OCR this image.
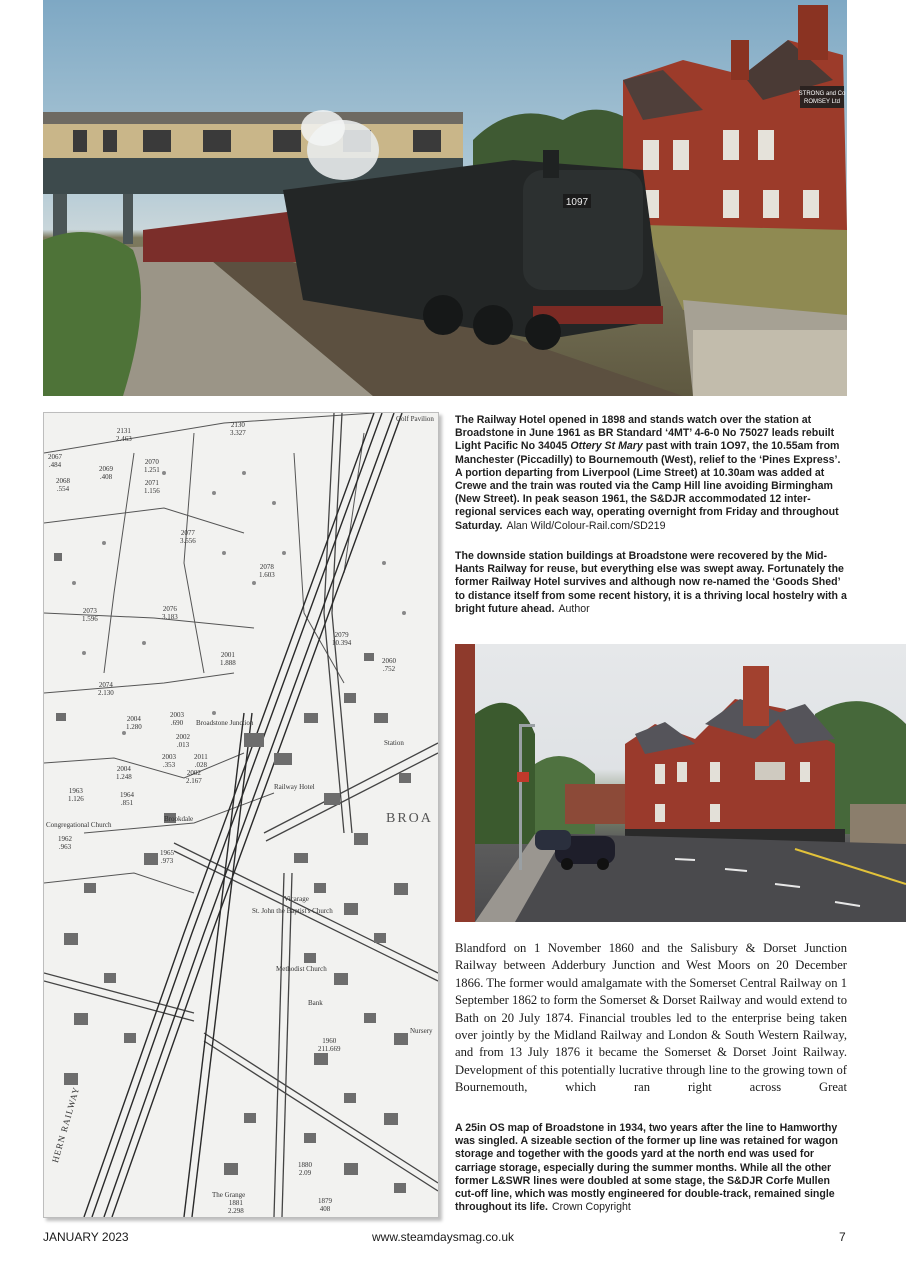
STRONG and Co
ROMSEY Ltd
1097
2131
2.463
2130
3.327
2067
.484	2070
1.251
2069
.408
2071
1.156
2068
.554
2077
3.556
2078
1.603
2073
1.596
2076
3.183
2079
10.394
2001
1.888	2060
.752
2074
2.130
2003
.690
2004
1.280
2002
.013
2003
.353
2011
.028
2004
1.248	2002
2.167
1963
1.126	1964
.851
1962
.963
1965
.973
1960
211.669
1880
2.09
1881
2.298
1879
408
Broadstone Junction
Railway Hotel
Vicarage
St. John the Baptist's Church
Methodist Church
Congregational Church
Brookdale
Bank
Nursery
The Grange
Golf Pavilion
Station
BROA
HERN RAILWAY

The Railway Hotel opened in 1898 and stands watch over the station at Broadstone in June 1961 as BR Standard ‘4MT’ 4-6-0 No 75027 leads rebuilt Light Pacific No 34045 Ottery St Mary past with train 1O97, the 10.55am from Manchester (Piccadilly) to Bournemouth (West), relief to the ‘Pines Express’. A portion departing from Liverpool (Lime Street) at 10.30am was added at Crewe and the train was routed via the Camp Hill line avoiding Birmingham (New Street). In peak season 1961, the S&DJR accommodated 12 inter-regional services each way, operating overnight from Friday and throughout Saturday. Alan Wild/Colour-Rail.com/SD219

The downside station buildings at Broadstone were recovered by the Mid-Hants Railway for reuse, but everything else was swept away. Fortunately the former Railway Hotel survives and although now re-named the ‘Goods Shed’ to distance itself from some recent history, it is a thriving local hostelry with a bright future ahead. Author

Blandford on 1 November 1860 and the Salisbury & Dorset Junction Railway between Adderbury Junction and West Moors on 20 December 1866. The former would amalgamate with the Somerset Central Railway on 1 September 1862 to form the Somerset & Dorset Railway and would extend to Bath on 20 July 1874. Financial troubles led to the enterprise being taken over jointly by the Midland Railway and London & South Western Railway, and from 13 July 1876 it became the Somerset & Dorset Joint Railway. Development of this potentially lucrative through line to the growing town of Bournemouth, which ran right across Great

A 25in OS map of Broadstone in 1934, two years after the line to Hamworthy was singled. A sizeable section of the former up line was retained for wagon storage and together with the goods yard at the north end was used for carriage storage, especially during the summer months. While all the other former L&SWR lines were doubled at some stage, the S&DJR Corfe Mullen cut-off line, which was mostly engineered for double-track, remained single throughout its life. Crown Copyright

JANUARY 2023	www.steamdaysmag.co.uk	7
